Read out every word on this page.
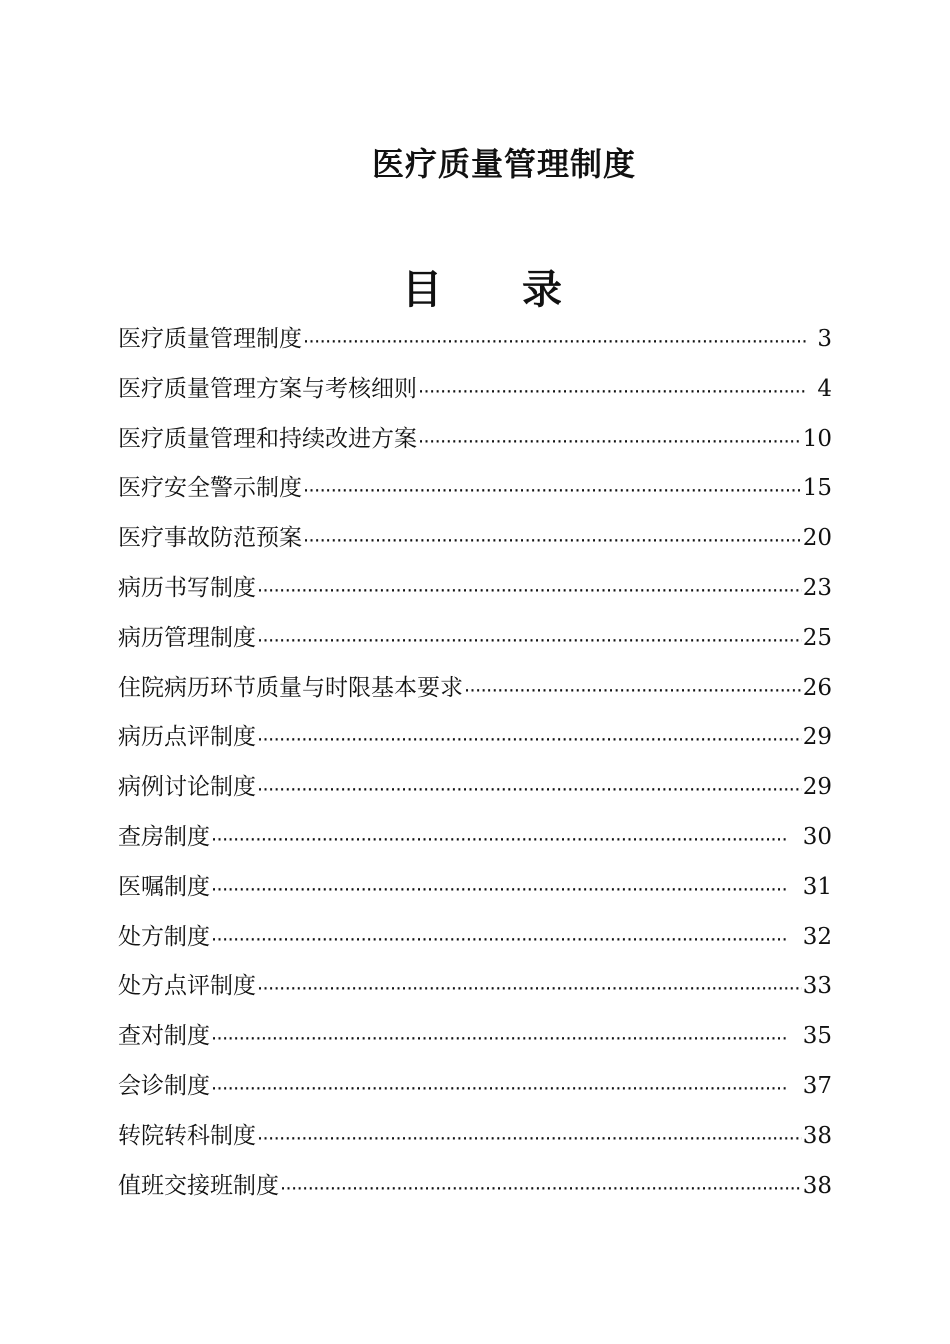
医疗质量管理制度
目 录
医疗质量管理制度 ·····	3
医疗质量管理方案与考核细则 ·····	4
医疗质量管理和持续改进方案 ·····	10
医疗安全警示制度 ·····	15
医疗事故防范预案 ·····	20
病历书写制度 ·····	23
病历管理制度 ·····	25
住院病历环节质量与时限基本要求 ·····	26
病历点评制度 ·····	29
病例讨论制度 ·····	29
查房制度 ·····	30
医嘱制度 ·····	31
处方制度 ·····	32
处方点评制度 ·····	33
查对制度 ·····	35
会诊制度 ·····	37
转院转科制度 ·····	38
值班交接班制度 ·····	38
